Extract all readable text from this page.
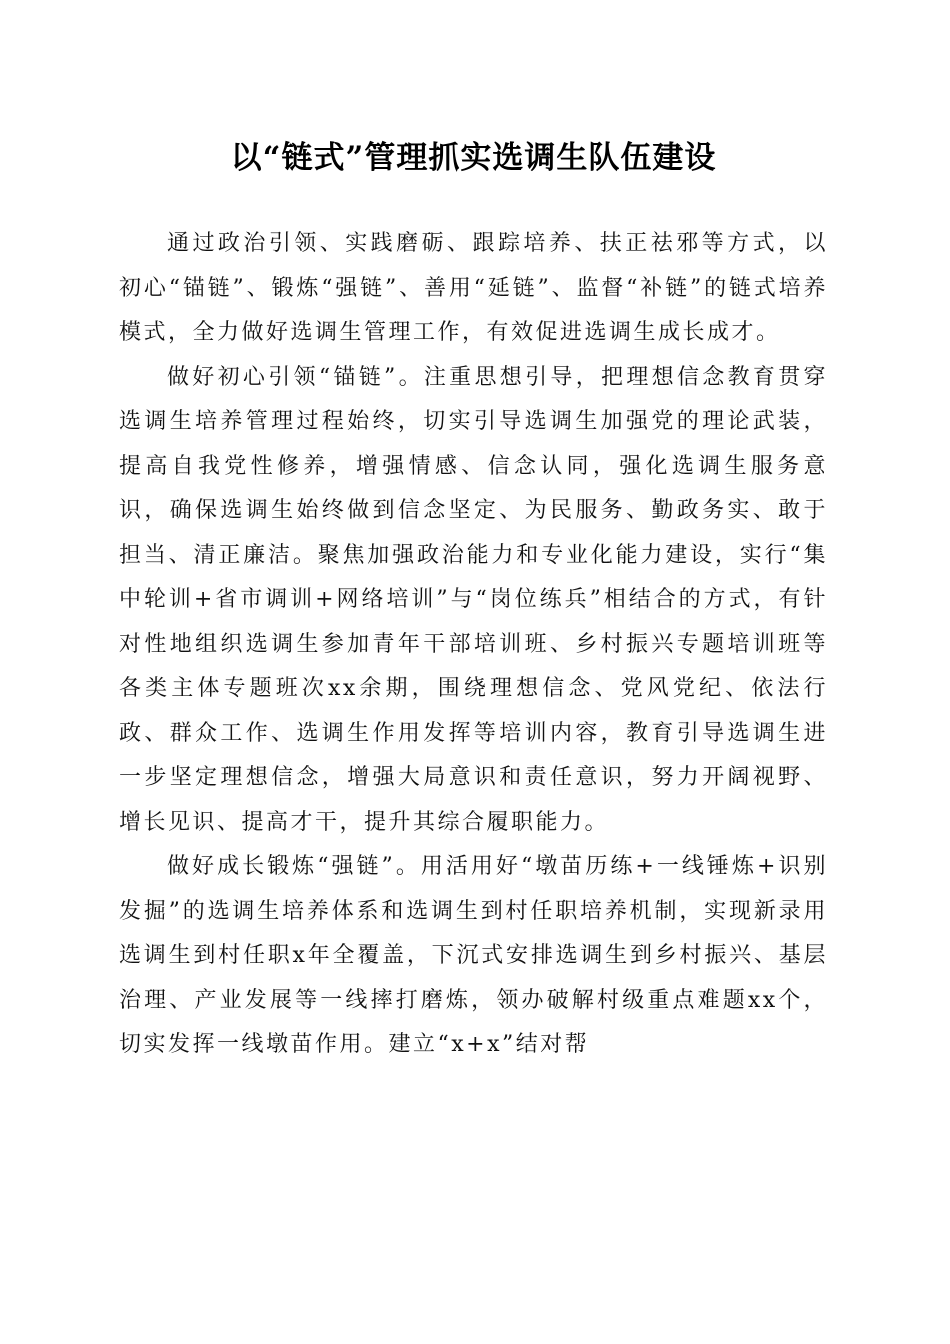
以“链式”管理抓实选调生队伍建设

通过政治引领、实践磨砺、跟踪培养、扶正祛邪等方式，以初心“锚链”、锻炼“强链”、善用“延链”、监督“补链”的链式培养模式，全力做好选调生管理工作，有效促进选调生成长成才。

做好初心引领“锚链”。注重思想引导，把理想信念教育贯穿选调生培养管理过程始终，切实引导选调生加强党的理论武装，提高自我党性修养，增强情感、信念认同，强化选调生服务意识，确保选调生始终做到信念坚定、为民服务、勤政务实、敢于担当、清正廉洁。聚焦加强政治能力和专业化能力建设，实行“集中轮训+省市调训+网络培训”与“岗位练兵”相结合的方式，有针对性地组织选调生参加青年干部培训班、乡村振兴专题培训班等各类主体专题班次xx余期，围绕理想信念、党风党纪、依法行政、群众工作、选调生作用发挥等培训内容，教育引导选调生进一步坚定理想信念，增强大局意识和责任意识，努力开阔视野、增长见识、提高才干，提升其综合履职能力。

做好成长锻炼“强链”。用活用好“墩苗历练+一线锤炼+识别发掘”的选调生培养体系和选调生到村任职培养机制，实现新录用选调生到村任职x年全覆盖，下沉式安排选调生到乡村振兴、基层治理、产业发展等一线摔打磨炼，领办破解村级重点难题xx个，切实发挥一线墩苗作用。建立“x+x”结对帮
